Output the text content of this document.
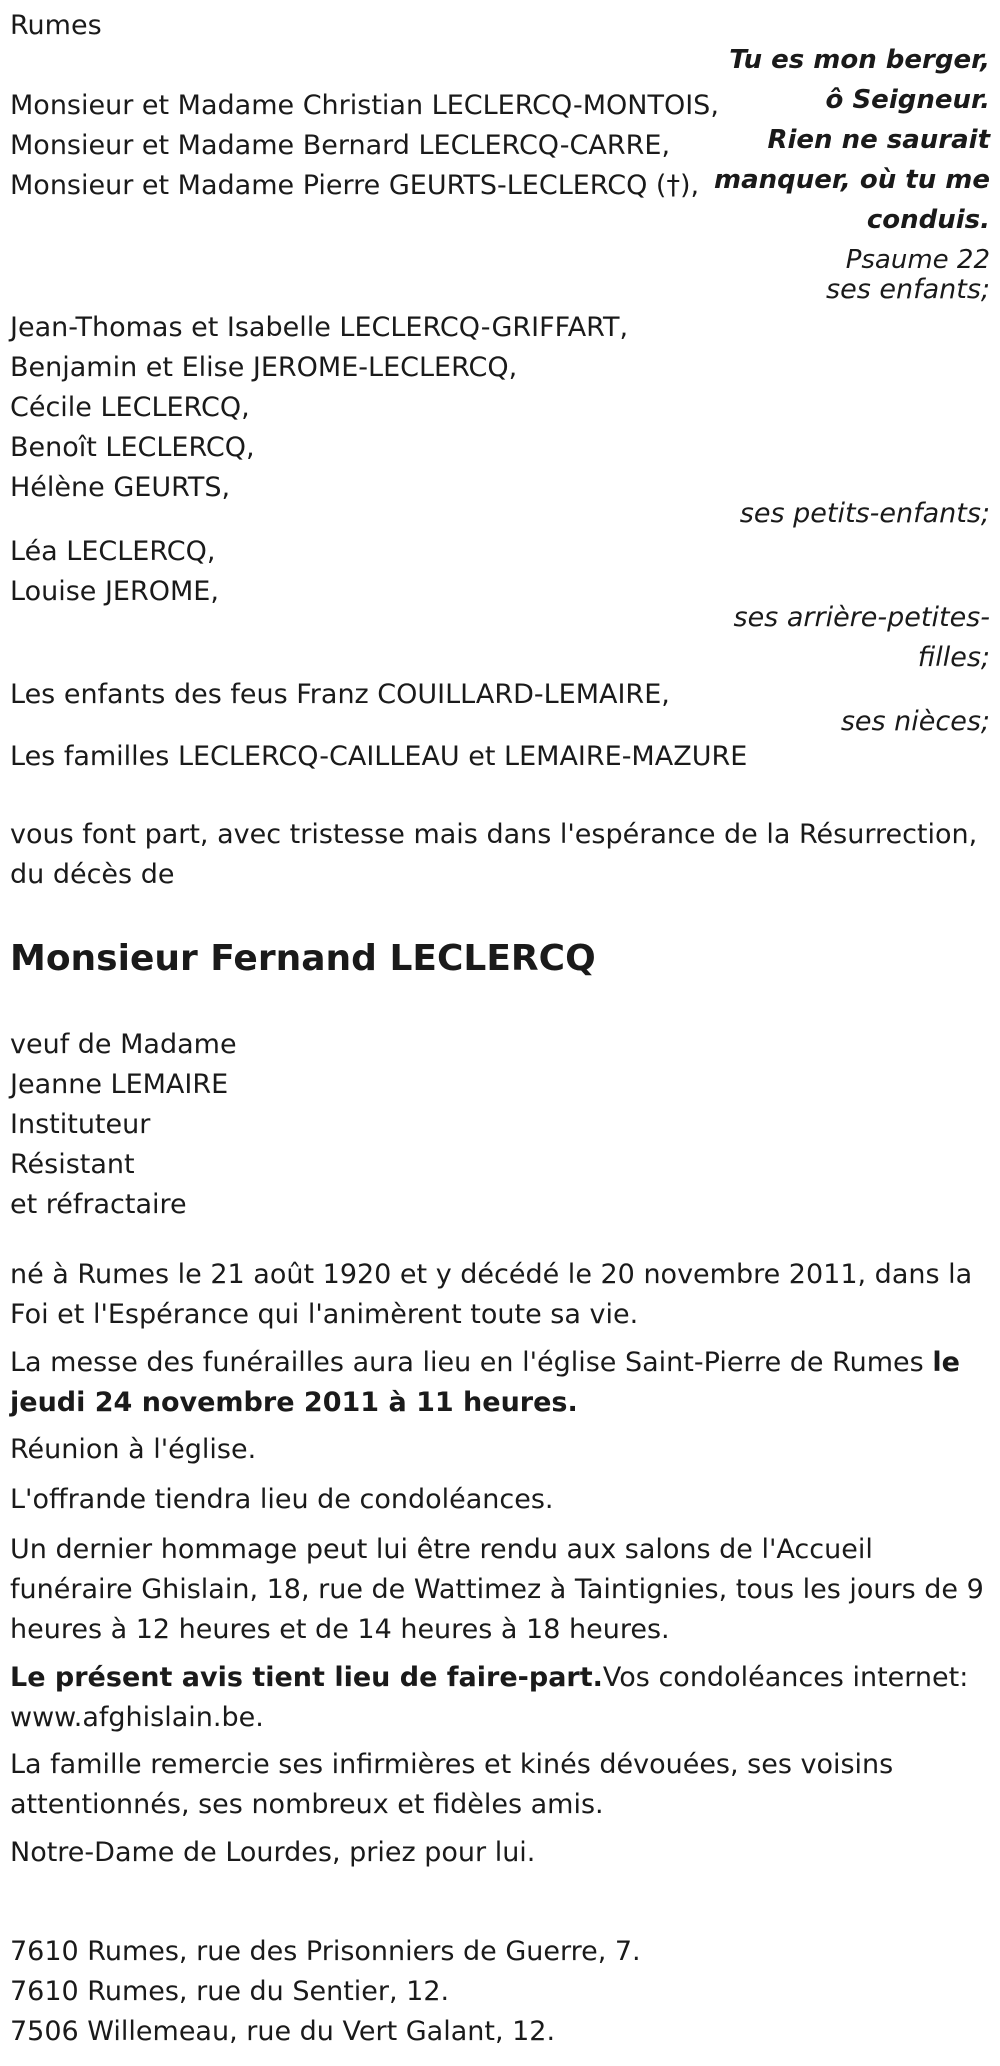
Rumes
Tu es mon berger,
ô Seigneur.
Rien ne saurait
manquer, où tu me
conduis.
Psaume 22
Monsieur et Madame Christian LECLERCQ-MONTOIS,
Monsieur et Madame Bernard LECLERCQ-CARRE,
Monsieur et Madame Pierre GEURTS-LECLERCQ (†),
ses enfants;
Jean-Thomas et Isabelle LECLERCQ-GRIFFART,
Benjamin et Elise JEROME-LECLERCQ,
Cécile LECLERCQ,
Benoît LECLERCQ,
Hélène GEURTS,
ses petits-enfants;
Léa LECLERCQ,
Louise JEROME,
ses arrière-petites-
filles;
Les enfants des feus Franz COUILLARD-LEMAIRE,
ses nièces;
Les familles LECLERCQ-CAILLEAU et LEMAIRE-MAZURE
vous font part, avec tristesse mais dans l'espérance de la Résurrection,
du décès de
Monsieur Fernand LECLERCQ
veuf de Madame
Jeanne LEMAIRE
Instituteur
Résistant
et réfractaire
né à Rumes le 21 août 1920 et y décédé le 20 novembre 2011, dans la Foi et l'Espérance qui l'animèrent toute sa vie.
La messe des funérailles aura lieu en l'église Saint-Pierre de Rumes le jeudi 24 novembre 2011 à 11 heures.
Réunion à l'église.
L'offrande tiendra lieu de condoléances.
Un dernier hommage peut lui être rendu aux salons de l'Accueil funéraire Ghislain, 18, rue de Wattimez à Taintignies, tous les jours de 9 heures à 12 heures et de 14 heures à 18 heures.
Le présent avis tient lieu de faire-part.Vos condoléances internet: www.afghislain.be.
La famille remercie ses infirmières et kinés dévouées, ses voisins attentionnés, ses nombreux et fidèles amis.
Notre-Dame de Lourdes, priez pour lui.
7610 Rumes, rue des Prisonniers de Guerre, 7.
7610 Rumes, rue du Sentier, 12.
7506 Willemeau, rue du Vert Galant, 12.
